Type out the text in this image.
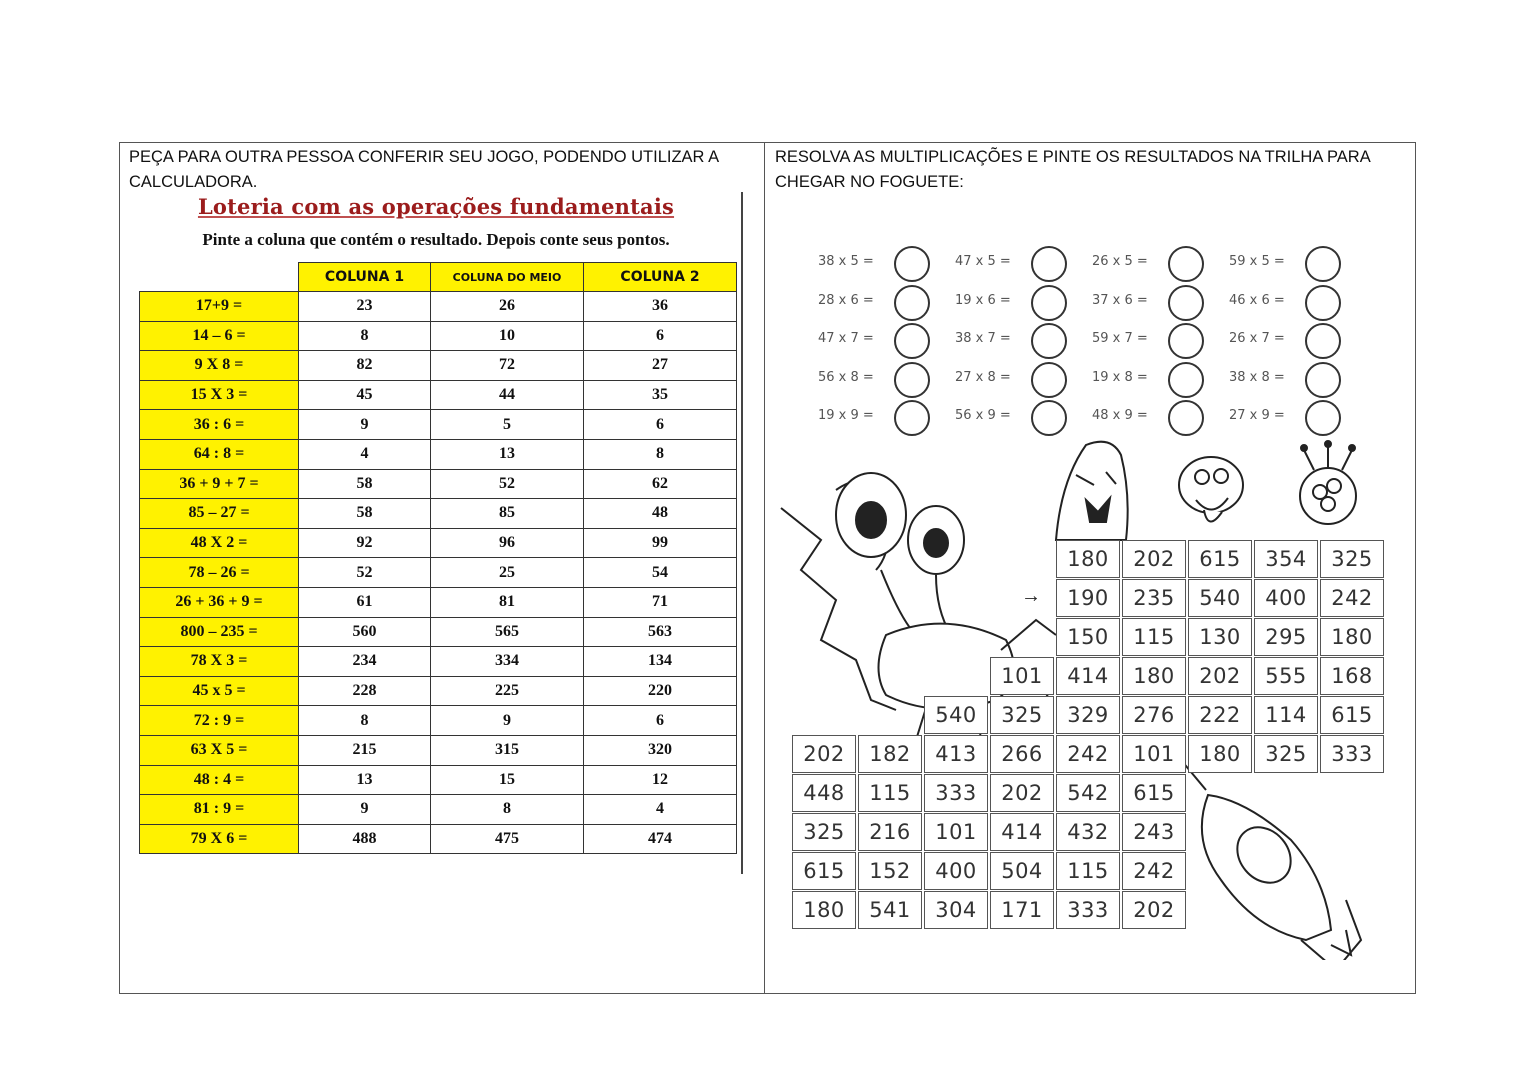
PEÇA PARA OUTRA PESSOA CONFERIR SEU JOGO, PODENDO UTILIZAR A CALCULADORA.
RESOLVA AS MULTIPLICAÇÕES E PINTE OS RESULTADOS NA TRILHA PARA CHEGAR NO FOGUETE:
Loteria com as operações fundamentais
Pinte a coluna que contém o resultado. Depois conte seus pontos.
	COLUNA 1	COLUNA DO MEIO	COLUNA 2
17+9 =	23	26	36
14 – 6 =	8	10	6
9 X 8 =	82	72	27
15 X 3 =	45	44	35
36 : 6 =	9	5	6
64 : 8 =	4	13	8
36 + 9 + 7 =	58	52	62
85 – 27 =	58	85	48
48 X 2 =	92	96	99
78 – 26 =	52	25	54
26 + 36 + 9 =	61	81	71
800 – 235 =	560	565	563
78 X 3 =	234	334	134
45 x 5 =	228	225	220
72 : 9 =	8	9	6
63 X 5 =	215	315	320
48 : 4 =	13	15	12
81 : 9 =	9	8	4
79 X 6 =	488	475	474
38 x 5 =	47 x 5 =	26 x 5 =	59 x 5 =
28 x 6 =	19 x 6 =	37 x 6 =	46 x 6 =
47 x 7 =	38 x 7 =	59 x 7 =	26 x 7 =
56 x 8 =	27 x 8 =	19 x 8 =	38 x 8 =
19 x 9 =	56 x 9 =	48 x 9 =	27 x 9 =
180	202	615	354	325
190	235	540	400	242
150	115	130	295	180
101	414	180	202	555	168
540	325	329	276	222	114	615
202	182	413	266	242	101	180	325	333
448	115	333	202	542	615
325	216	101	414	432	243
615	152	400	504	115	242
180	541	304	171	333	202
→
